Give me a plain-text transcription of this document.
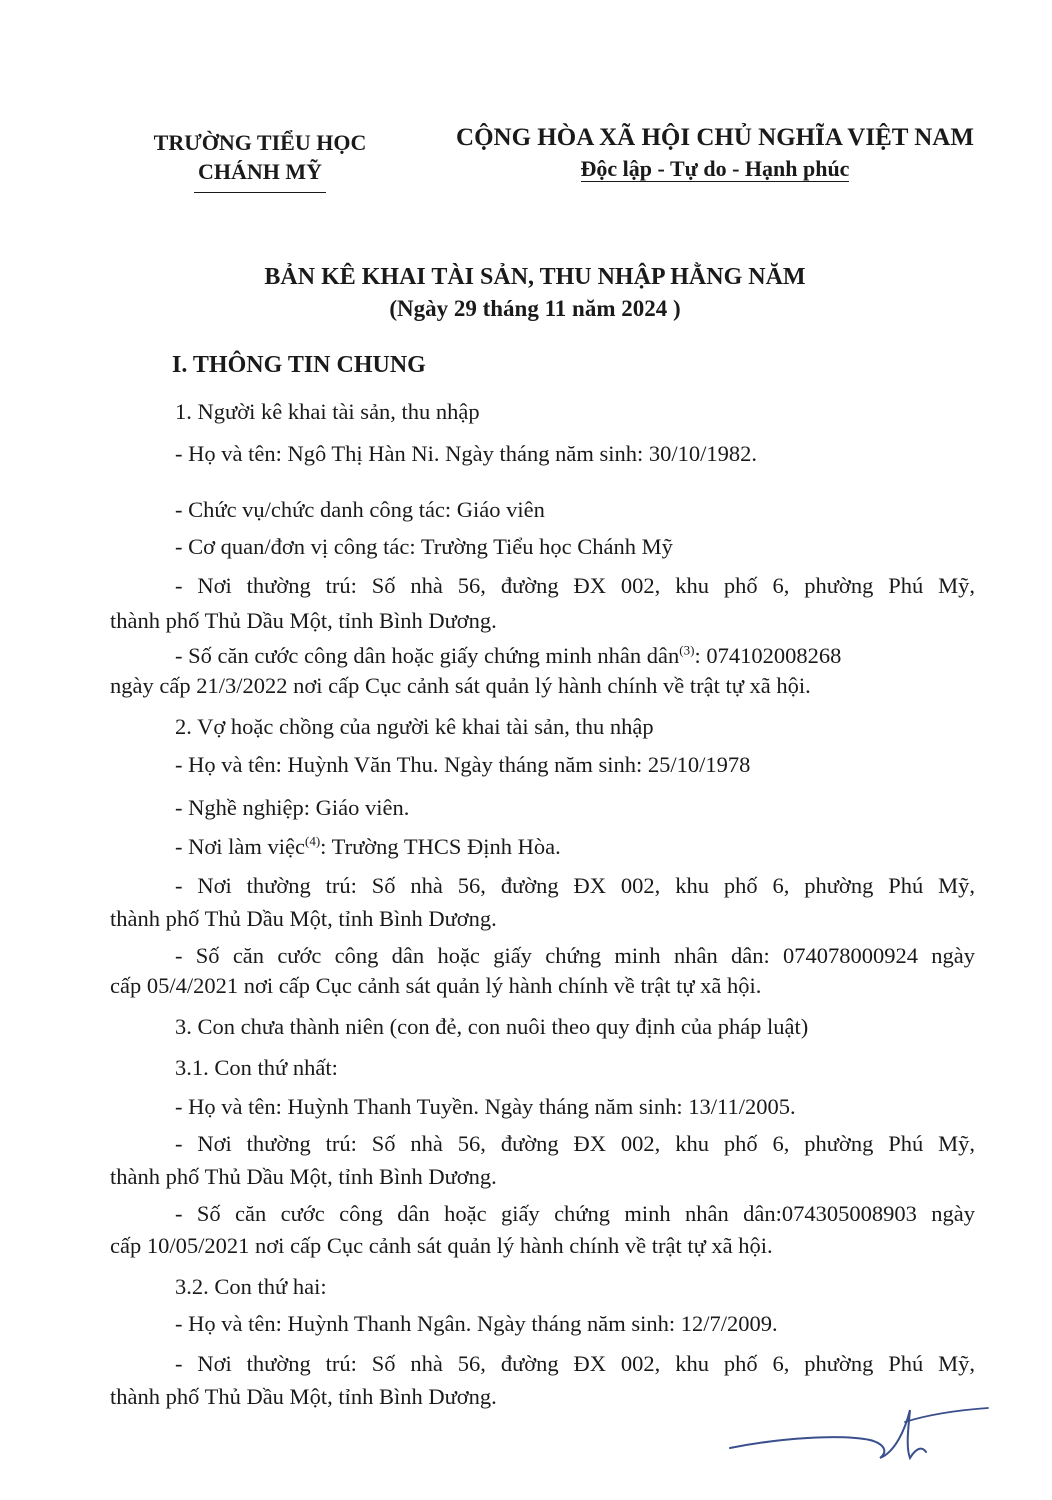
TRƯỜNG TIỂU HỌC
CHÁNH MỸ
CỘNG HÒA XÃ HỘI CHỦ NGHĨA VIỆT NAM
Độc lập - Tự do - Hạnh phúc
BẢN KÊ KHAI TÀI SẢN, THU NHẬP HẰNG NĂM
(Ngày 29 tháng 11 năm 2024 )
I. THÔNG TIN CHUNG
1. Người kê khai tài sản, thu nhập
- Họ và tên: Ngô Thị Hàn Ni. Ngày tháng năm sinh: 30/10/1982.
- Chức vụ/chức danh công tác: Giáo viên
- Cơ quan/đơn vị công tác: Trường Tiểu học Chánh Mỹ
- Nơi thường trú: Số nhà 56, đường ĐX 002, khu phố 6, phường Phú Mỹ,
thành phố Thủ Dầu Một, tỉnh Bình Dương.
- Số căn cước công dân hoặc giấy chứng minh nhân dân$^{(3)}$: 074102008268
ngày cấp 21/3/2022 nơi cấp Cục cảnh sát quản lý hành chính về trật tự xã hội.
2. Vợ hoặc chồng của người kê khai tài sản, thu nhập
- Họ và tên: Huỳnh Văn Thu. Ngày tháng năm sinh: 25/10/1978
- Nghề nghiệp: Giáo viên.
- Nơi làm việc$^{(4)}$: Trường THCS Định Hòa.
- Nơi thường trú: Số nhà 56, đường ĐX 002, khu phố 6, phường Phú Mỹ,
thành phố Thủ Dầu Một, tỉnh Bình Dương.
- Số căn cước công dân hoặc giấy chứng minh nhân dân: 074078000924 ngày
cấp 05/4/2021 nơi cấp Cục cảnh sát quản lý hành chính về trật tự xã hội.
3. Con chưa thành niên (con đẻ, con nuôi theo quy định của pháp luật)
3.1. Con thứ nhất:
- Họ và tên: Huỳnh Thanh Tuyền. Ngày tháng năm sinh: 13/11/2005.
- Nơi thường trú: Số nhà 56, đường ĐX 002, khu phố 6, phường Phú Mỹ,
thành phố Thủ Dầu Một, tỉnh Bình Dương.
- Số căn cước công dân hoặc giấy chứng minh nhân dân:074305008903 ngày
cấp 10/05/2021 nơi cấp Cục cảnh sát quản lý hành chính về trật tự xã hội.
3.2. Con thứ hai:
- Họ và tên: Huỳnh Thanh Ngân. Ngày tháng năm sinh: 12/7/2009.
- Nơi thường trú: Số nhà 56, đường ĐX 002, khu phố 6, phường Phú Mỹ,
thành phố Thủ Dầu Một, tỉnh Bình Dương.
